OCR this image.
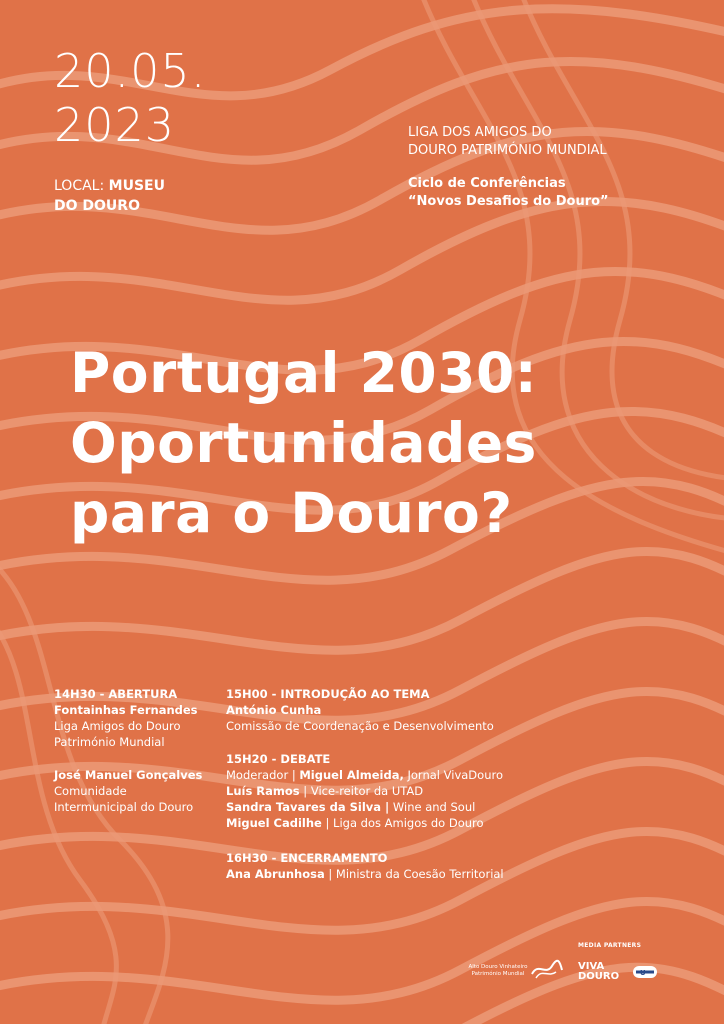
20.05.
2023
LOCAL: MUSEU
DO DOURO
LIGA DOS AMIGOS DO
DOURO PATRIMÓNIO MUNDIAL
Ciclo de Conferências
“Novos Desafios do Douro”
Portugal 2030:
Oportunidades
para o Douro?
14H30 - ABERTURA
Fontainhas Fernandes
Liga Amigos do Douro
Património Mundial
José Manuel Gonçalves
Comunidade
Intermunicipal do Douro
15H00 - INTRODUÇÃO AO TEMA
António Cunha
Comissão de Coordenação e Desenvolvimento
15H20 - DEBATE
Moderador | Miguel Almeida, Jornal VivaDouro
Luís Ramos | Vice-reitor da UTAD
Sandra Tavares da Silva | Wine and Soul
Miguel Cadilhe | Liga dos Amigos do Douro
16H30 - ENCERRAMENTO
Ana Abrunhosa | Ministra da Coesão Territorial
MEDIA PARTNERS
Alto Douro Vinhateiro
Património Mundial
VIVA
DOURO	U
